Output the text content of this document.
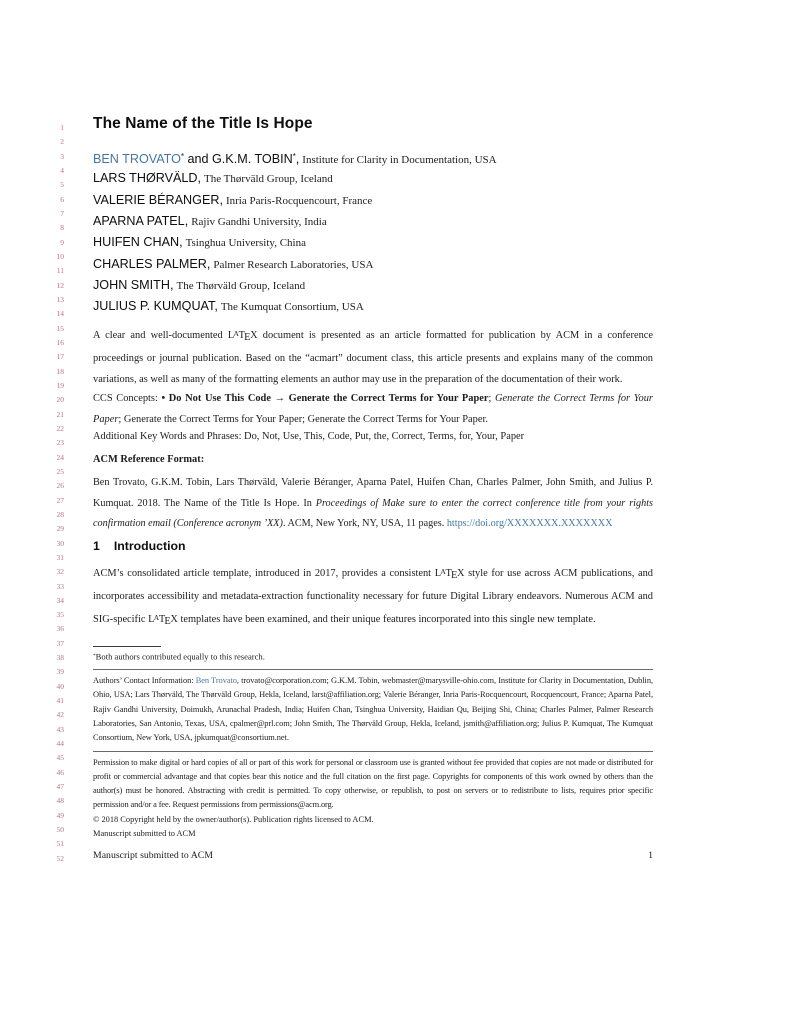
1
2
3
4
5
6
7
8
9
10
11
12
13
14
15
16
17
18
19
20
21
22
23
24
25
26
27
28
29
30
31
32
33
34
35
36
37
38
39
40
41
42
43
44
45
46
47
48
49
50
51
52
The Name of the Title Is Hope
BEN TROVATO* and G.K.M. TOBIN*, Institute for Clarity in Documentation, USA
LARS THØRVÄLD, The Thørväld Group, Iceland
VALERIE BÉRANGER, Inria Paris-Rocquencourt, France
APARNA PATEL, Rajiv Gandhi University, India
HUIFEN CHAN, Tsinghua University, China
CHARLES PALMER, Palmer Research Laboratories, USA
JOHN SMITH, The Thørväld Group, Iceland
JULIUS P. KUMQUAT, The Kumquat Consortium, USA

A clear and well-documented LATEX document is presented as an article formatted for publication by ACM in a conference proceedings or journal publication. Based on the “acmart” document class, this article presents and explains many of the common variations, as well as many of the formatting elements an author may use in the preparation of the documentation of their work.

CCS Concepts: • Do Not Use This Code → Generate the Correct Terms for Your Paper; Generate the Correct Terms for Your Paper; Generate the Correct Terms for Your Paper; Generate the Correct Terms for Your Paper.

Additional Key Words and Phrases: Do, Not, Use, This, Code, Put, the, Correct, Terms, for, Your, Paper

ACM Reference Format:

Ben Trovato, G.K.M. Tobin, Lars Thørväld, Valerie Béranger, Aparna Patel, Huifen Chan, Charles Palmer, John Smith, and Julius P. Kumquat. 2018. The Name of the Title Is Hope. In Proceedings of Make sure to enter the correct conference title from your rights confirmation email (Conference acronym ’XX). ACM, New York, NY, USA, 11 pages. https://doi.org/XXXXXXX.XXXXXXX

1 Introduction

ACM’s consolidated article template, introduced in 2017, provides a consistent LATEX style for use across ACM publications, and incorporates accessibility and metadata-extraction functionality necessary for future Digital Library endeavors. Numerous ACM and SIG-specific LATEX templates have been examined, and their unique features incorporated into this single new template.

*Both authors contributed equally to this research.

Authors’ Contact Information: Ben Trovato, trovato@corporation.com; G.K.M. Tobin, webmaster@marysville-ohio.com, Institute for Clarity in Documentation, Dublin, Ohio, USA; Lars Thørväld, The Thørväld Group, Hekla, Iceland, larst@affiliation.org; Valerie Béranger, Inria Paris-Rocquencourt, Rocquencourt, France; Aparna Patel, Rajiv Gandhi University, Doimukh, Arunachal Pradesh, India; Huifen Chan, Tsinghua University, Haidian Qu, Beijing Shi, China; Charles Palmer, Palmer Research Laboratories, San Antonio, Texas, USA, cpalmer@prl.com; John Smith, The Thørväld Group, Hekla, Iceland, jsmith@affiliation.org; Julius P. Kumquat, The Kumquat Consortium, New York, USA, jpkumquat@consortium.net.

Permission to make digital or hard copies of all or part of this work for personal or classroom use is granted without fee provided that copies are not made or distributed for profit or commercial advantage and that copies bear this notice and the full citation on the first page. Copyrights for components of this work owned by others than the author(s) must be honored. Abstracting with credit is permitted. To copy otherwise, or republish, to post on servers or to redistribute to lists, requires prior specific permission and/or a fee. Request permissions from permissions@acm.org.

© 2018 Copyright held by the owner/author(s). Publication rights licensed to ACM.

Manuscript submitted to ACM

Manuscript submitted to ACM	1
